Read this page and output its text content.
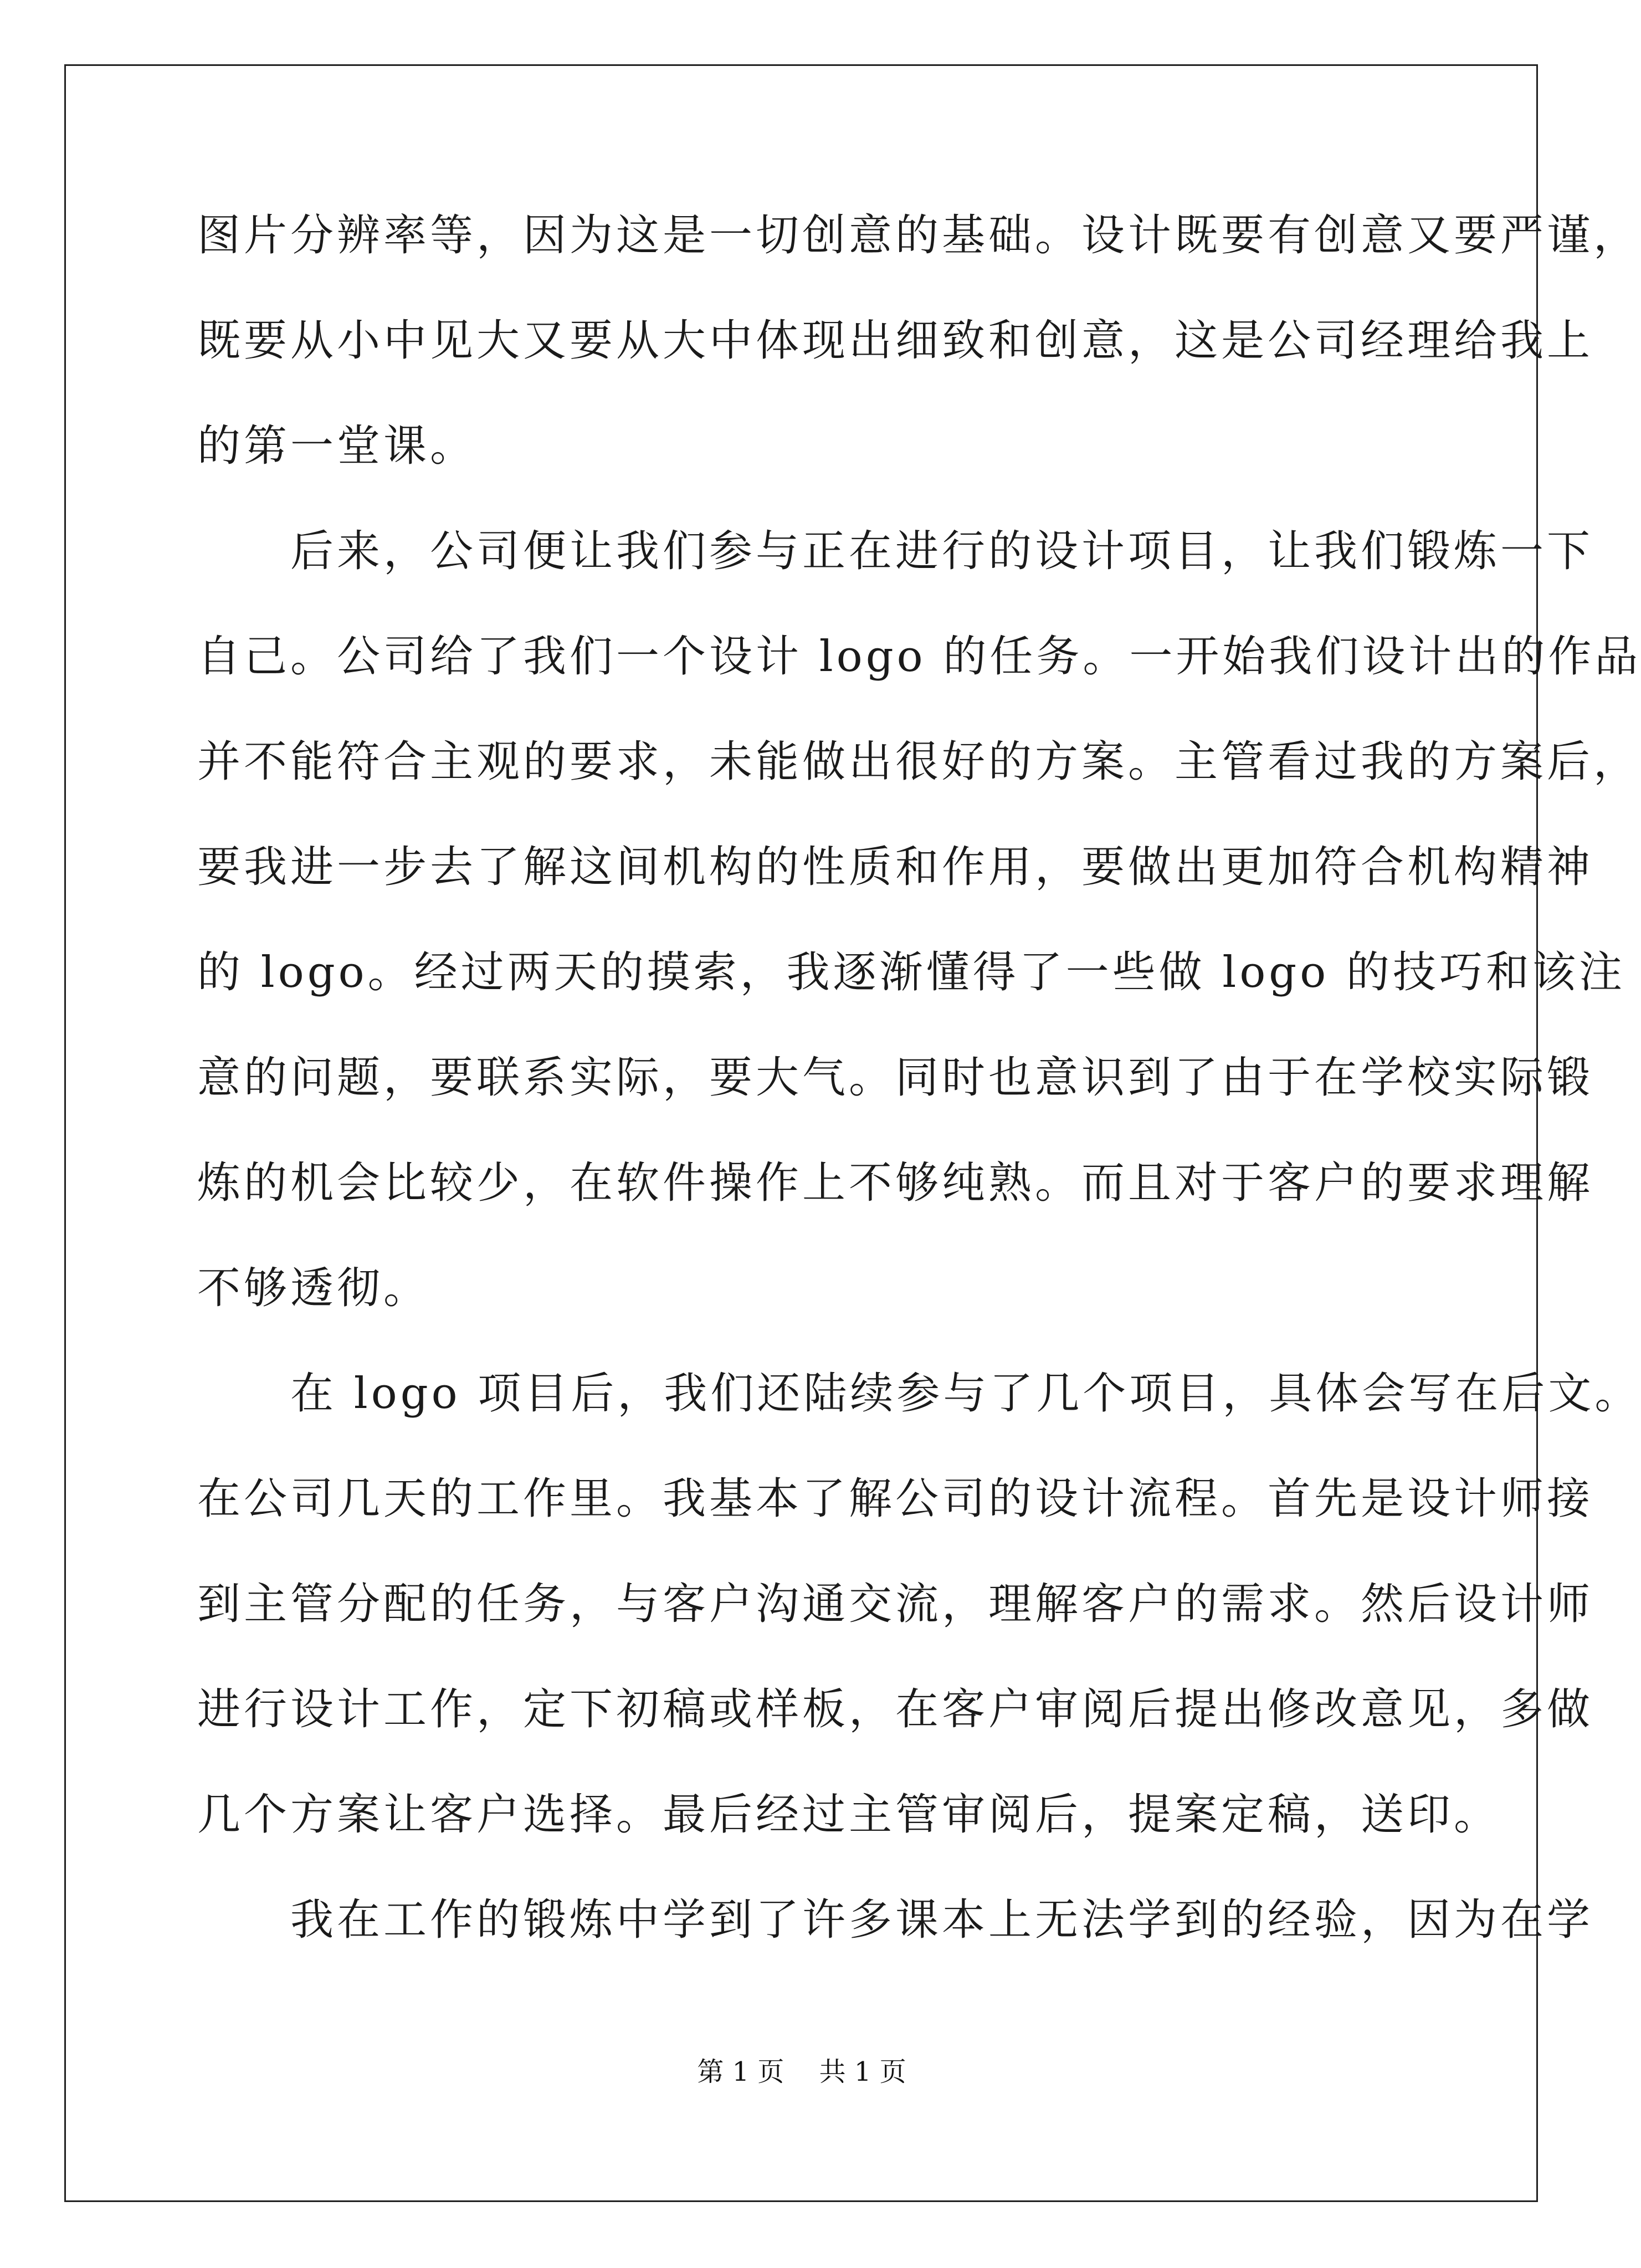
图片分辨率等，因为这是一切创意的基础。设计既要有创意又要严谨，
既要从小中见大又要从大中体现出细致和创意，这是公司经理给我上
的第一堂课。
　　后来，公司便让我们参与正在进行的设计项目，让我们锻炼一下
自己。公司给了我们一个设计 logo 的任务。一开始我们设计出的作品
并不能符合主观的要求，未能做出很好的方案。主管看过我的方案后，
要我进一步去了解这间机构的性质和作用，要做出更加符合机构精神
的 logo。经过两天的摸索，我逐渐懂得了一些做 logo 的技巧和该注
意的问题，要联系实际，要大气。同时也意识到了由于在学校实际锻
炼的机会比较少，在软件操作上不够纯熟。而且对于客户的要求理解
不够透彻。
　　在 logo 项目后，我们还陆续参与了几个项目，具体会写在后文。
在公司几天的工作里。我基本了解公司的设计流程。首先是设计师接
到主管分配的任务，与客户沟通交流，理解客户的需求。然后设计师
进行设计工作，定下初稿或样板，在客户审阅后提出修改意见，多做
几个方案让客户选择。最后经过主管审阅后，提案定稿，送印。
　　我在工作的锻炼中学到了许多课本上无法学到的经验，因为在学
第 1 页　 共 1 页
